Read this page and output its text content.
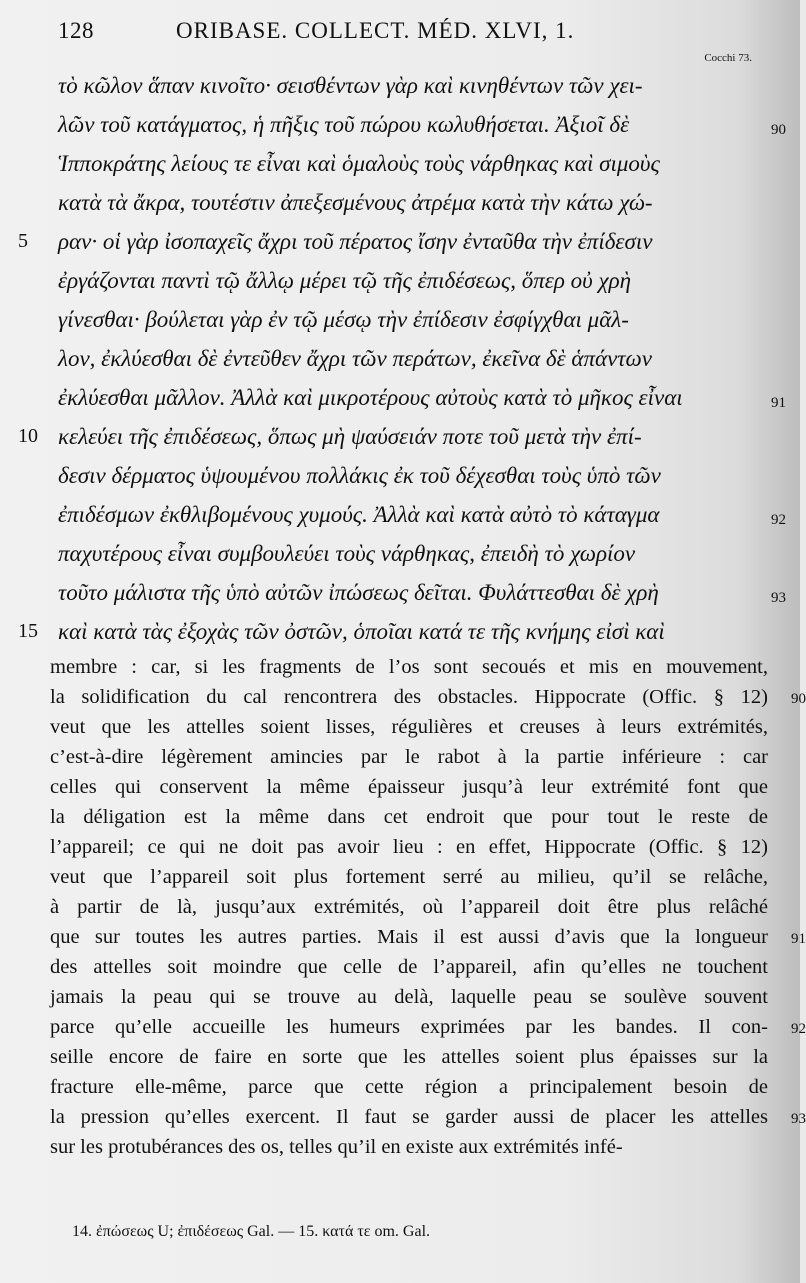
128	ORIBASE. COLLECT. MÉD. XLVI, 1.
Cocchi 73.
τὸ κῶλον ἅπαν κινοῖτο· σεισθέντων γὰρ καὶ κινηθέντων τῶν χει-
λῶν τοῦ κατάγματος, ἡ πῆξις τοῦ πώρου κωλυθήσεται. Ἀξιοῖ δὲ	90
Ἱπποκράτης λείους τε εἶναι καὶ ὁμαλοὺς τοὺς νάρθηκας καὶ σιμοὺς
κατὰ τὰ ἄκρα, τουτέστιν ἀπεξεσμένους ἀτρέμα κατὰ τὴν κάτω χώ-
ραν· οἱ γὰρ ἰσοπαχεῖς ἄχρι τοῦ πέρατος ἴσην ἐνταῦθα τὴν ἐπίδεσιν
5
ἐργάζονται παντὶ τῷ ἄλλῳ μέρει τῷ τῆς ἐπιδέσεως, ὅπερ οὐ χρὴ
γίνεσθαι· βούλεται γὰρ ἐν τῷ μέσῳ τὴν ἐπίδεσιν ἐσφίγχθαι μᾶλ-
λον, ἐκλύεσθαι δὲ ἐντεῦθεν ἄχρι τῶν περάτων, ἐκεῖνα δὲ ἁπάντων
ἐκλύεσθαι μᾶλλον. Ἀλλὰ καὶ μικροτέρους αὐτοὺς κατὰ τὸ μῆκος εἶναι	91
κελεύει τῆς ἐπιδέσεως, ὅπως μὴ ψαύσειάν ποτε τοῦ μετὰ τὴν ἐπί-
10
δεσιν δέρματος ὑψουμένου πολλάκις ἐκ τοῦ δέχεσθαι τοὺς ὑπὸ τῶν
ἐπιδέσμων ἐκθλιβομένους χυμούς. Ἀλλὰ καὶ κατὰ αὐτὸ τὸ κάταγμα	92
παχυτέρους εἶναι συμβουλεύει τοὺς νάρθηκας, ἐπειδὴ τὸ χωρίον
τοῦτο μάλιστα τῆς ὑπὸ αὐτῶν ἰπώσεως δεῖται. Φυλάττεσθαι δὲ χρὴ	93
καὶ κατὰ τὰς ἐξοχὰς τῶν ὀστῶν, ὁποῖαι κατά τε τῆς κνήμης εἰσὶ καὶ
15
membre : car, si les fragments de l’os sont secoués et mis en mouvement,
la solidification du cal rencontrera des obstacles. Hippocrate (Offic. § 12) 90
veut que les attelles soient lisses, régulières et creuses à leurs extrémités,
c’est-à-dire légèrement amincies par le rabot à la partie inférieure : car
celles qui conservent la même épaisseur jusqu’à leur extrémité font que
la déligation est la même dans cet endroit que pour tout le reste de
l’appareil; ce qui ne doit pas avoir lieu : en effet, Hippocrate (Offic. § 12)
veut que l’appareil soit plus fortement serré au milieu, qu’il se relâche,
à partir de là, jusqu’aux extrémités, où l’appareil doit être plus relâché
que sur toutes les autres parties. Mais il est aussi d’avis que la longueur 91
des attelles soit moindre que celle de l’appareil, afin qu’elles ne touchent
jamais la peau qui se trouve au delà, laquelle peau se soulève souvent
parce qu’elle accueille les humeurs exprimées par les bandes. Il con- 92
seille encore de faire en sorte que les attelles soient plus épaisses sur la
fracture elle-même, parce que cette région a principalement besoin de
la pression qu’elles exercent. Il faut se garder aussi de placer les attelles 93
sur les protubérances des os, telles qu’il en existe aux extrémités infé-
14. ἐπώσεως U; ἐπιδέσεως Gal. — 15. κατά τε om. Gal.
